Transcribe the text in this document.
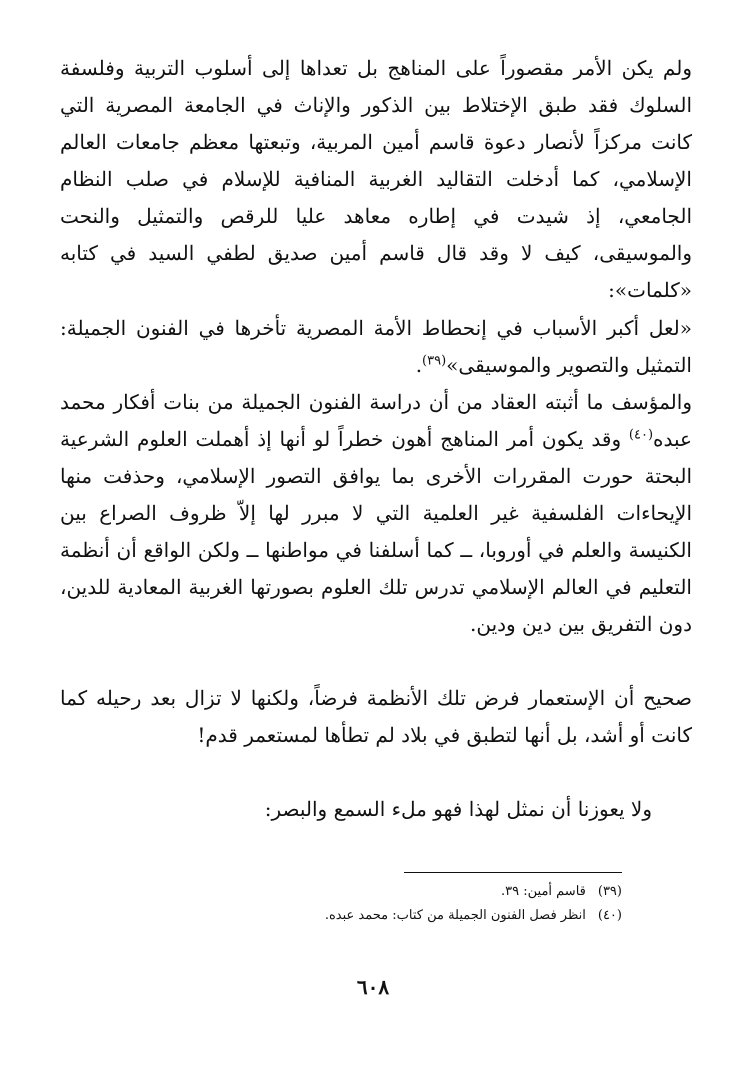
ولم يكن الأمر مقصوراً على المناهج بل تعداها إلى أسلوب التربية وفلسفة السلوك فقد طبق الإختلاط بين الذكور والإناث في الجامعة المصرية التي كانت مركزاً لأنصار دعوة قاسم أمين المربية، وتبعتها معظم جامعات العالم الإسلامي، كما أدخلت التقاليد الغربية المنافية للإسلام في صلب النظام الجامعي، إذ شيدت في إطاره معاهد عليا للرقص والتمثيل والنحت والموسيقى، كيف لا وقد قال قاسم أمين صديق لطفي السيد في كتابه «كلمات»:

«لعل أكبر الأسباب في إنحطاط الأمة المصرية تأخرها في الفنون الجميلة: التمثيل والتصوير والموسيقى»$^{(٣٩)}$.

والمؤسف ما أثبته العقاد من أن دراسة الفنون الجميلة من بنات أفكار محمد عبده$^{(٤٠)}$ وقد يكون أمر المناهج أهون خطراً لو أنها إذ أهملت العلوم الشرعية البحتة حورت المقررات الأخرى بما يوافق التصور الإسلامي، وحذفت منها الإيحاءات الفلسفية غير العلمية التي لا مبرر لها إلاّ ظروف الصراع بين الكنيسة والعلم في أوروبا، ــ كما أسلفنا في مواطنها ــ ولكن الواقع أن أنظمة التعليم في العالم الإسلامي تدرس تلك العلوم بصورتها الغربية المعادية للدين، دون التفريق بين دين ودين.

صحيح أن الإستعمار فرض تلك الأنظمة فرضاً، ولكنها لا تزال بعد رحيله كما كانت أو أشد، بل أنها لتطبق في بلاد لم تطأها لمستعمر قدم!

ولا يعوزنا أن نمثل لهذا فهو ملء السمع والبصر:

(٣٩)قاسم أمين: ٣٩.
(٤٠)انظر فصل الفنون الجميلة من كتاب: محمد عبده.
٦٠٨
